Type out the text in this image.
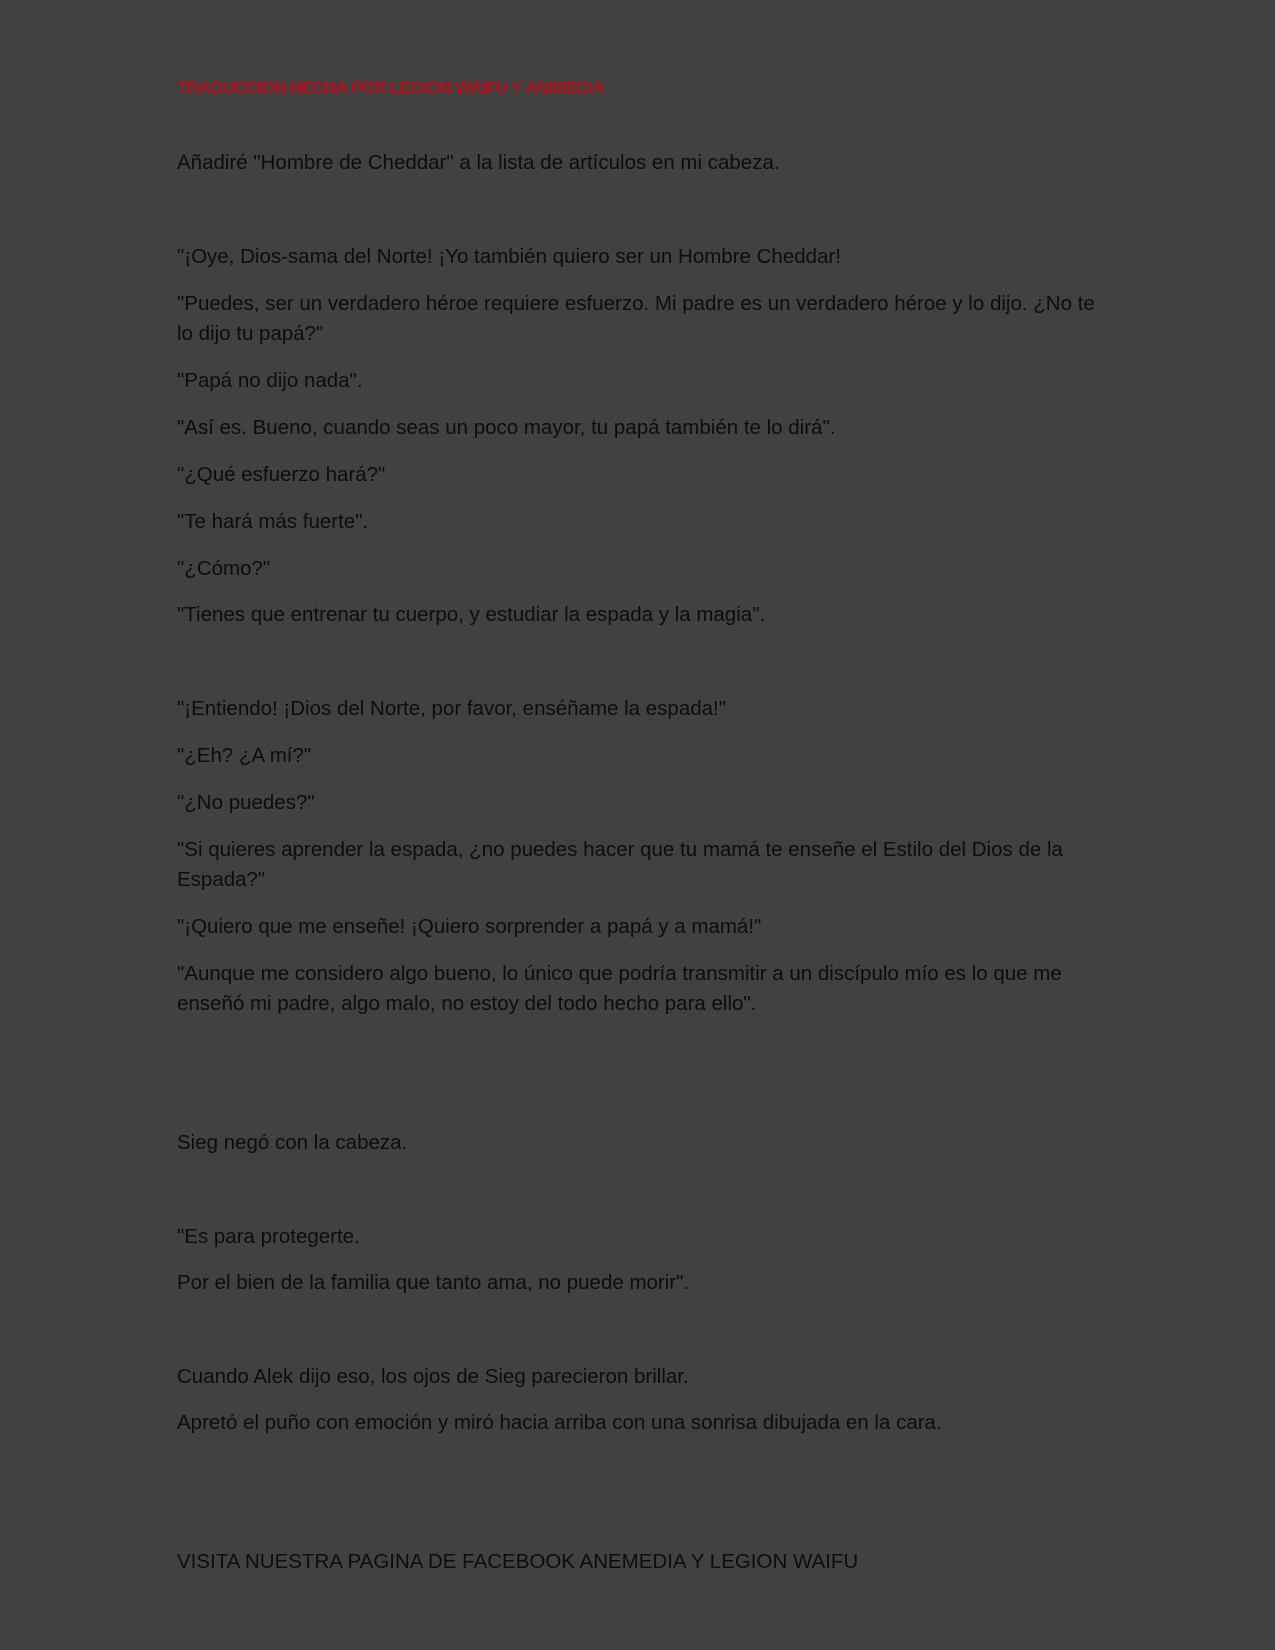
TRADUCCION HECHA POR LEGION WAIFU Y ANIMEDIA
Añadiré "Hombre de Cheddar" a la lista de artículos en mi cabeza.
"¡Oye, Dios-sama del Norte! ¡Yo también quiero ser un Hombre Cheddar!
"Puedes, ser un verdadero héroe requiere esfuerzo. Mi padre es un verdadero héroe y lo dijo. ¿No te lo dijo tu papá?"
"Papá no dijo nada".
"Así es. Bueno, cuando seas un poco mayor, tu papá también te lo dirá".
"¿Qué esfuerzo hará?"
"Te hará más fuerte".
"¿Cómo?"
"Tienes que entrenar tu cuerpo, y estudiar la espada y la magia".
"¡Entiendo! ¡Dios del Norte, por favor, enséñame la espada!"
"¿Eh? ¿A mí?"
"¿No puedes?"
"Si quieres aprender la espada, ¿no puedes hacer que tu mamá te enseñe el Estilo del Dios de la Espada?"
"¡Quiero que me enseñe! ¡Quiero sorprender a papá y a mamá!"
"Aunque me considero algo bueno, lo único que podría transmitir a un discípulo mío es lo que me enseñó mi padre, algo malo, no estoy del todo hecho para ello".
Sieg negó con la cabeza.
"Es para protegerte.
Por el bien de la familia que tanto ama, no puede morir".
Cuando Alek dijo eso, los ojos de Sieg parecieron brillar.
Apretó el puño con emoción y miró hacia arriba con una sonrisa dibujada en la cara.
VISITA NUESTRA PAGINA DE FACEBOOK ANEMEDIA Y LEGION WAIFU
